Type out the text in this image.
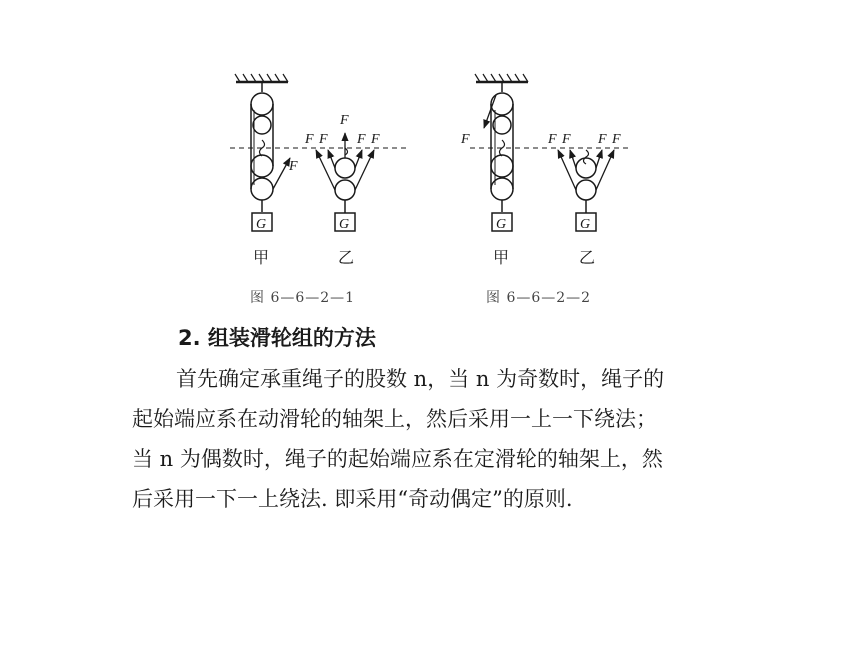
F
G
甲
F F
F
F F
G
乙
F
G
甲
F F F F
G
乙
图 6—6—2—1	图 6—6—2—2
2. 组装滑轮组的方法

首先确定承重绳子的股数 n，当 n 为奇数时，绳子的
起始端应系在动滑轮的轴架上，然后采用一上一下绕法；
当 n 为偶数时，绳子的起始端应系在定滑轮的轴架上，然
后采用一下一上绕法. 即采用“奇动偶定”的原则.
